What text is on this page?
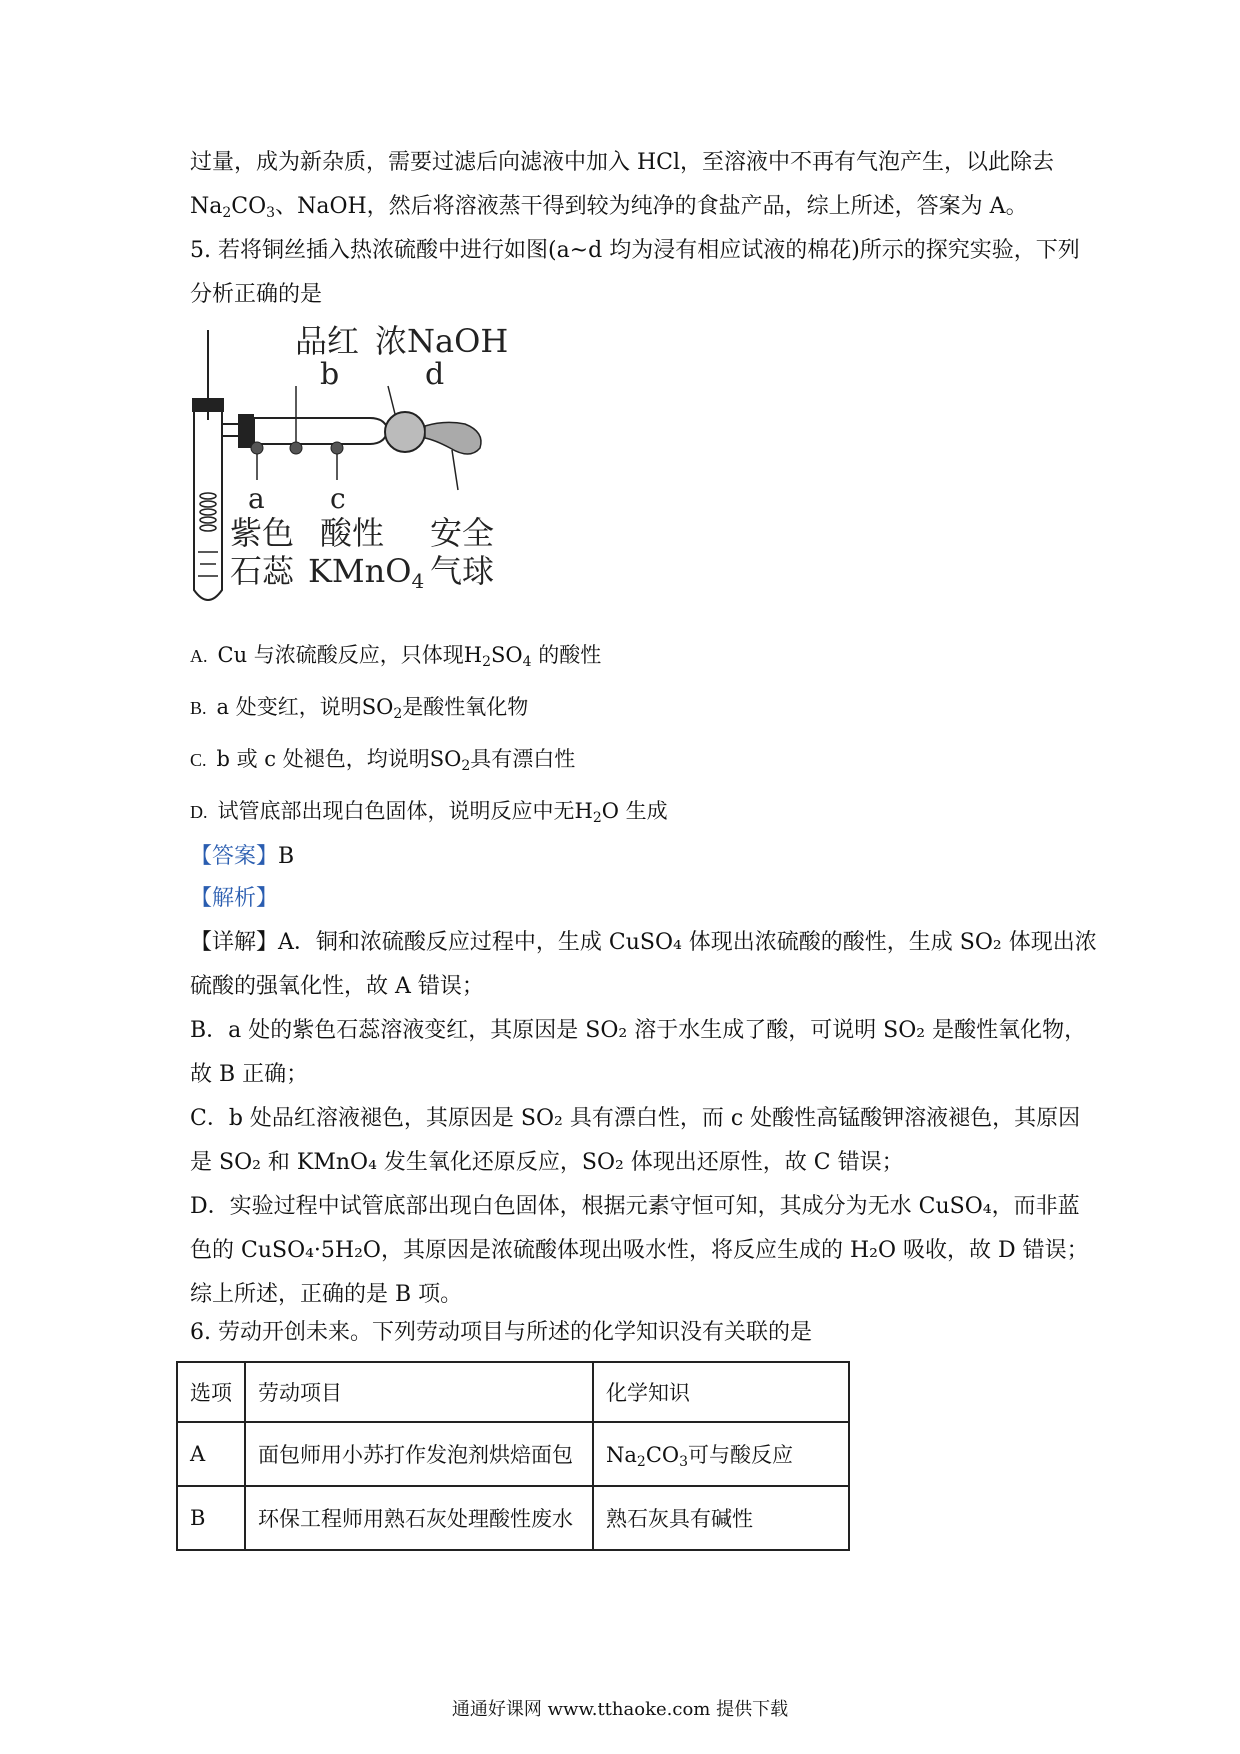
过量，成为新杂质，需要过滤后向滤液中加入 HCl，至溶液中不再有气泡产生，以此除去
$Na_2CO_3$、NaOH，然后将溶液蒸干得到较为纯净的食盐产品，综上所述，答案为 A。
5. 若将铜丝插入热浓硫酸中进行如图(a~d 均为浸有相应试液的棉花)所示的探究实验，下列
分析正确的是
品红 浓NaOH
b	d
a c
紫色
石蕊
酸性
KMnO4
安全
气球
A. Cu 与浓硫酸反应，只体现$H_2SO_4$ 的酸性
B. a 处变红，说明$SO_2$是酸性氧化物
C. b 或 c 处褪色，均说明$SO_2$具有漂白性
D. 试管底部出现白色固体，说明反应中无$H_2O$ 生成
【答案】B
【解析】
【详解】A．铜和浓硫酸反应过程中，生成 CuSO₄ 体现出浓硫酸的酸性，生成 SO₂ 体现出浓
硫酸的强氧化性，故 A 错误；
B．a 处的紫色石蕊溶液变红，其原因是 SO₂ 溶于水生成了酸，可说明 SO₂ 是酸性氧化物，
故 B 正确；
C．b 处品红溶液褪色，其原因是 SO₂ 具有漂白性，而 c 处酸性高锰酸钾溶液褪色，其原因
是 SO₂ 和 KMnO₄ 发生氧化还原反应，SO₂ 体现出还原性，故 C 错误；
D．实验过程中试管底部出现白色固体，根据元素守恒可知，其成分为无水 CuSO₄，而非蓝
色的 CuSO₄·5H₂O，其原因是浓硫酸体现出吸水性，将反应生成的 H₂O 吸收，故 D 错误；
综上所述，正确的是 B 项。
6. 劳动开创未来。下列劳动项目与所述的化学知识没有关联的是
选项	劳动项目	化学知识
A	面包师用小苏打作发泡剂烘焙面包	$Na_2CO_3$可与酸反应
B	环保工程师用熟石灰处理酸性废水	熟石灰具有碱性
通通好课网 www.tthaoke.com 提供下载
